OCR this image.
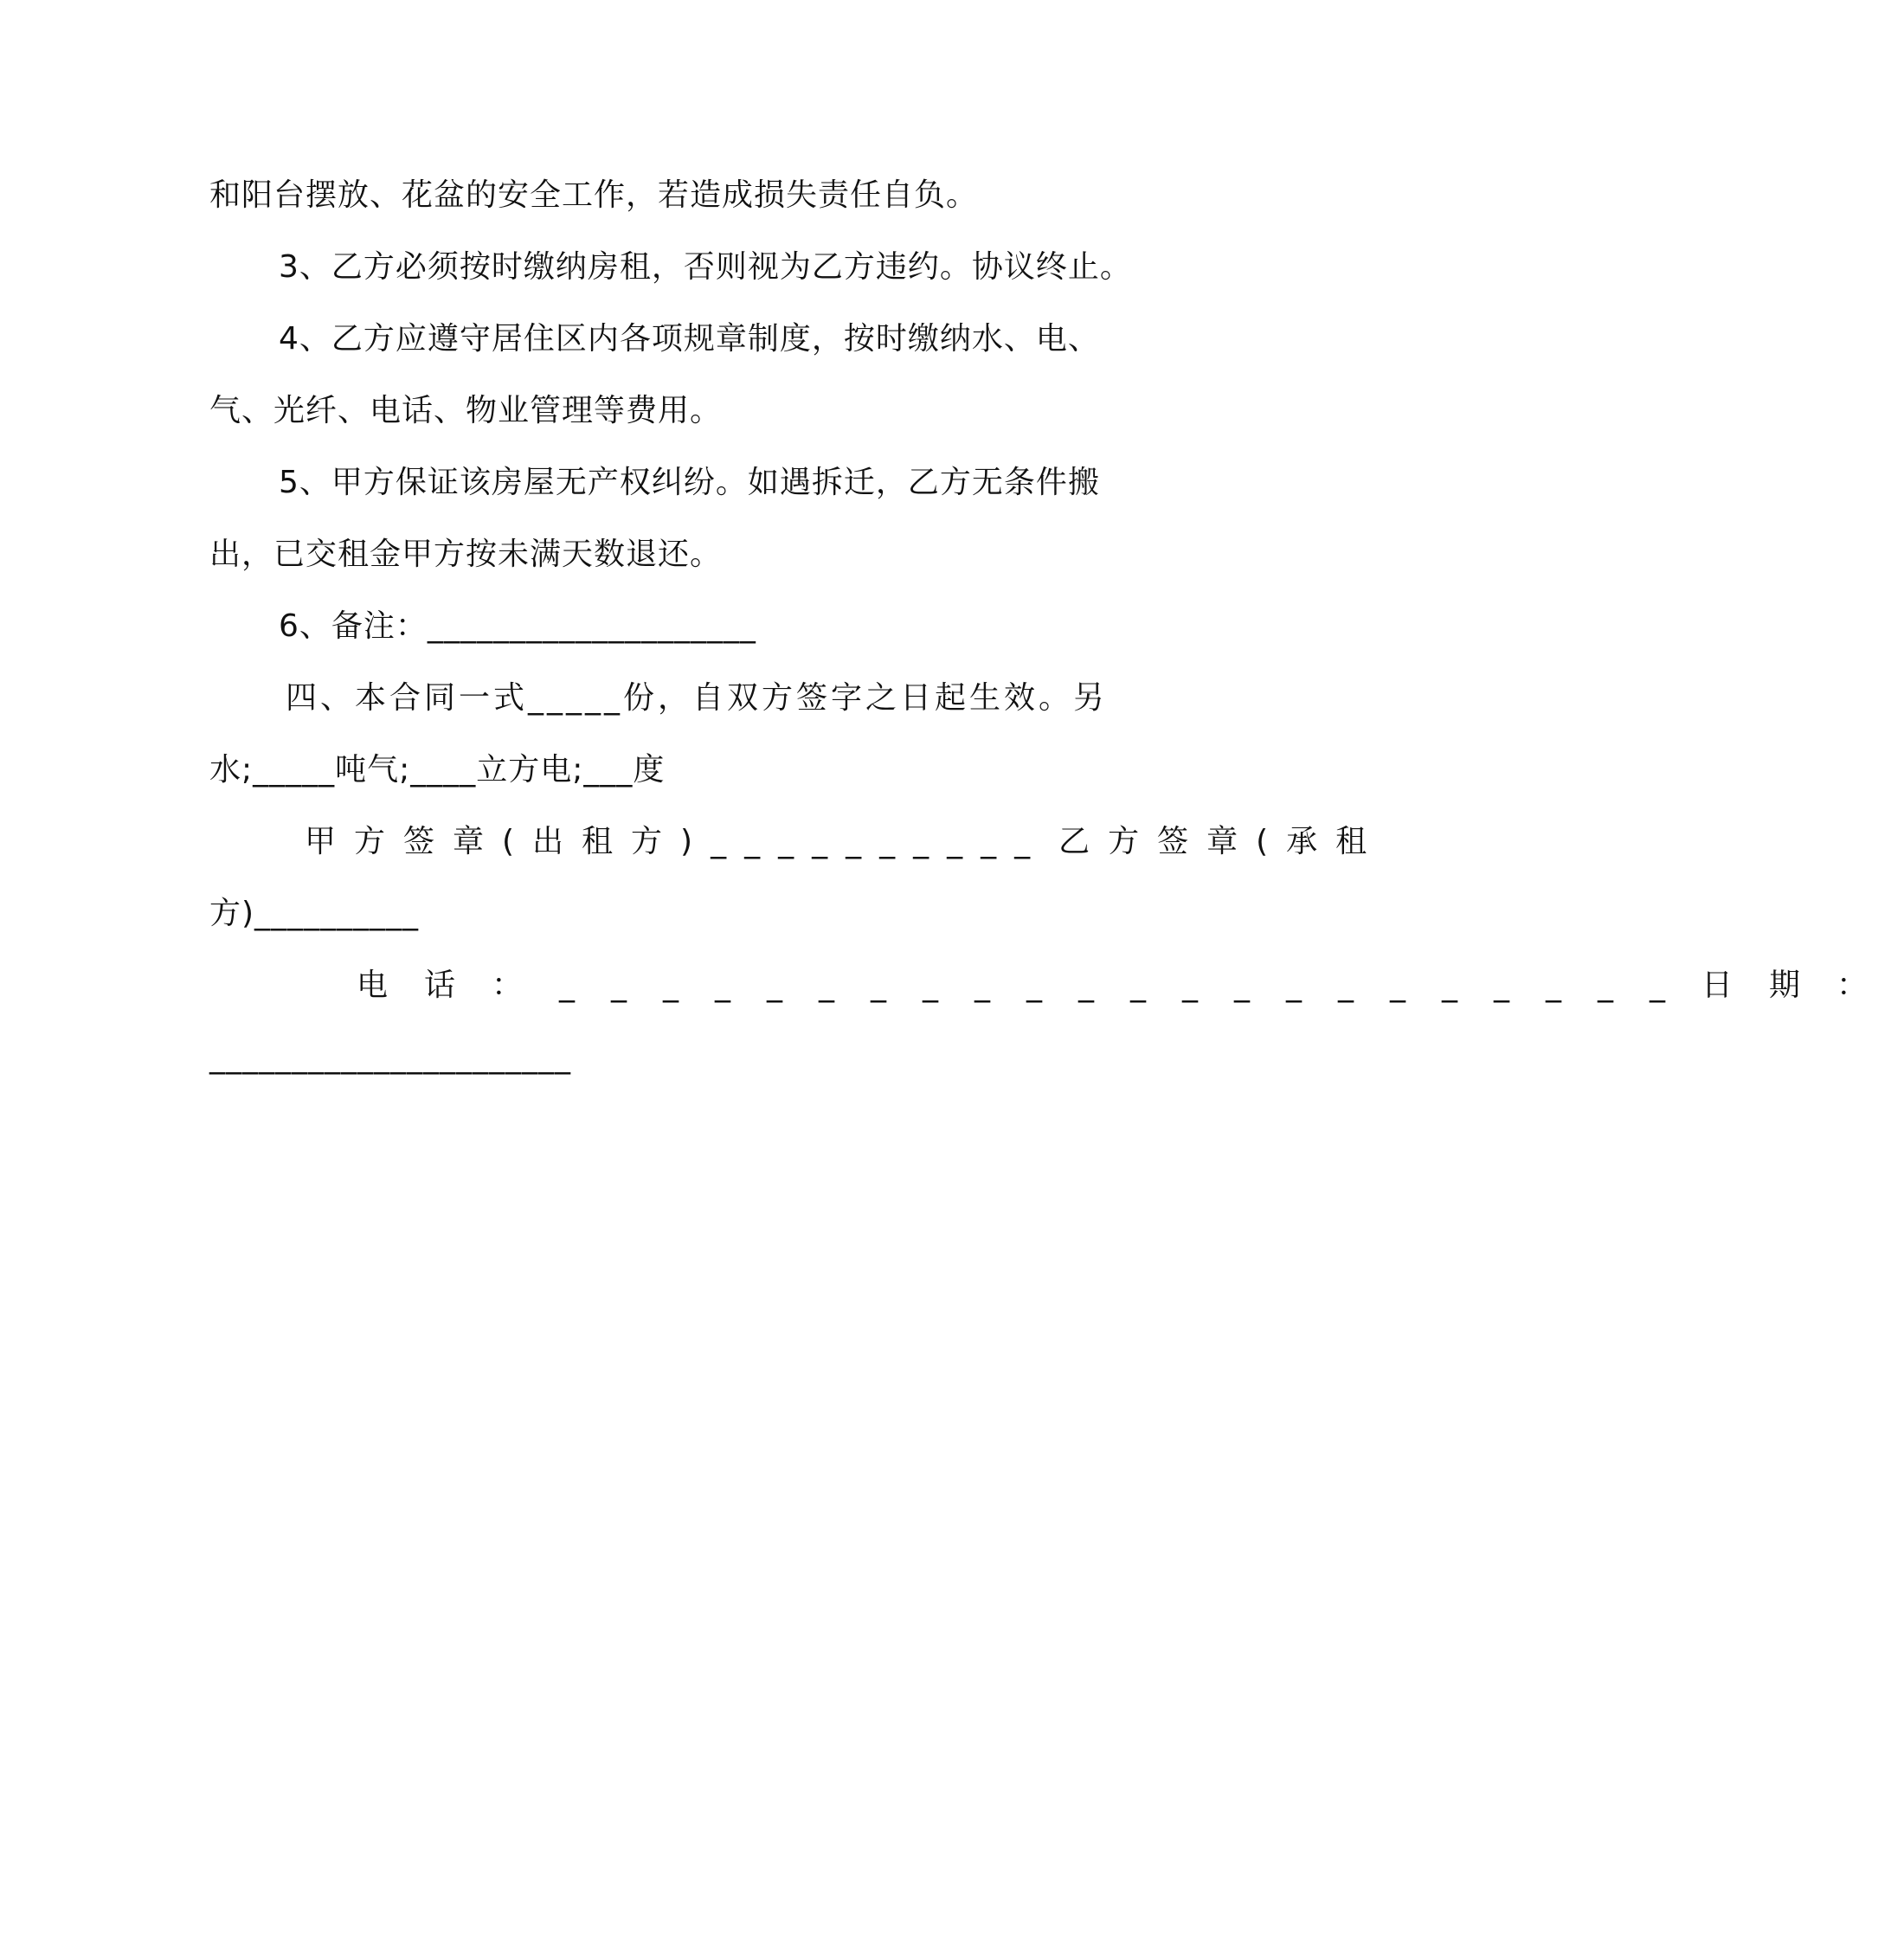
和阳台摆放、花盆的安全工作，若造成损失责任自负。

3、乙方必须按时缴纳房租，否则视为乙方违约。协议终止。

4、乙方应遵守居住区内各项规章制度，按时缴纳水、电、

气、光纤、电话、物业管理等费用。

5、甲方保证该房屋无产权纠纷。如遇拆迁，乙方无条件搬

出，已交租金甲方按未满天数退还。

6、备注：____________________

四、本合同一式_____份，自双方签字之日起生效。另

水;_____吨气;____立方电;___度

甲方签章(出租方)__________ 乙方签章(承租

方)__________

电话：______________________日期：

______________________
